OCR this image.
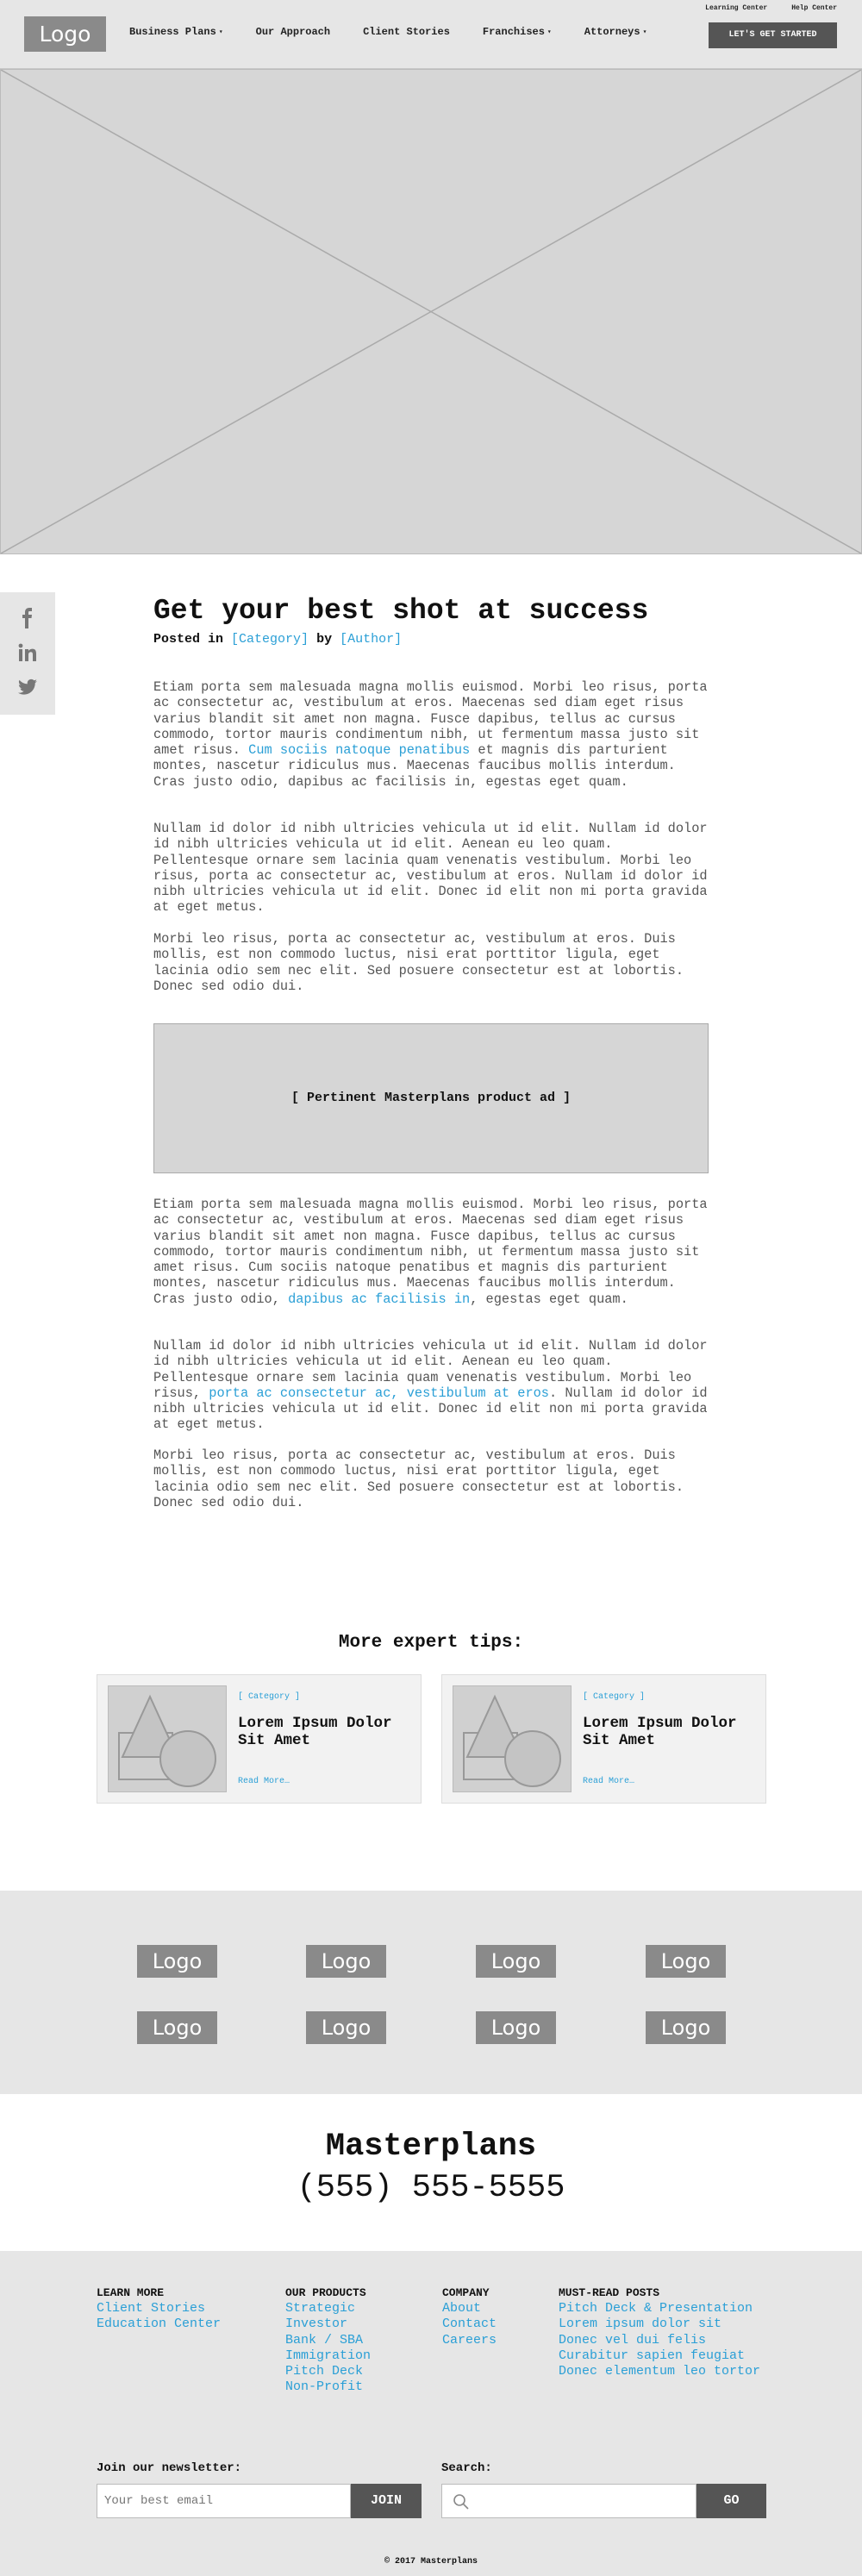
Logo	Business Plans ▾	Our Approach	Client Stories	Franchises ▾	Attorneys ▾
Learning Center	Help Center
LET'S GET STARTED
Get your best shot at success
Posted in [Category] by [Author]

Etiam porta sem malesuada magna mollis euismod. Morbi leo risus, porta ac consectetur ac, vestibulum at eros. Maecenas sed diam eget risus varius blandit sit amet non magna. Fusce dapibus, tellus ac cursus commodo, tortor mauris condimentum nibh, ut fermentum massa justo sit amet risus. Cum sociis natoque penatibus et magnis dis parturient montes, nascetur ridiculus mus. Maecenas faucibus mollis interdum. Cras justo odio, dapibus ac facilisis in, egestas eget quam.

Nullam id dolor id nibh ultricies vehicula ut id elit. Nullam id dolor id nibh ultricies vehicula ut id elit. Aenean eu leo quam. Pellentesque ornare sem lacinia quam venenatis vestibulum. Morbi leo risus, porta ac consectetur ac, vestibulum at eros. Nullam id dolor id nibh ultricies vehicula ut id elit. Donec id elit non mi porta gravida at eget metus.

Morbi leo risus, porta ac consectetur ac, vestibulum at eros. Duis mollis, est non commodo luctus, nisi erat porttitor ligula, eget lacinia odio sem nec elit. Sed posuere consectetur est at lobortis. Donec sed odio dui.

Etiam porta sem malesuada magna mollis euismod. Morbi leo risus, porta ac consectetur ac, vestibulum at eros. Maecenas sed diam eget risus varius blandit sit amet non magna. Fusce dapibus, tellus ac cursus commodo, tortor mauris condimentum nibh, ut fermentum massa justo sit amet risus. Cum sociis natoque penatibus et magnis dis parturient montes, nascetur ridiculus mus. Maecenas faucibus mollis interdum. Cras justo odio, dapibus ac facilisis in, egestas eget quam.

Nullam id dolor id nibh ultricies vehicula ut id elit. Nullam id dolor id nibh ultricies vehicula ut id elit. Aenean eu leo quam. Pellentesque ornare sem lacinia quam venenatis vestibulum. Morbi leo risus, porta ac consectetur ac, vestibulum at eros. Nullam id dolor id nibh ultricies vehicula ut id elit. Donec id elit non mi porta gravida at eget metus.

Morbi leo risus, porta ac consectetur ac, vestibulum at eros. Duis mollis, est non commodo luctus, nisi erat porttitor ligula, eget lacinia odio sem nec elit. Sed posuere consectetur est at lobortis. Donec sed odio dui.

[ Pertinent Masterplans product ad ]
More expert tips:
[ Category ]
Lorem Ipsum Dolor Sit Amet
Read More…
[ Category ]
Lorem Ipsum Dolor Sit Amet
Read More…
Logo	Logo	Logo	Logo
Logo	Logo	Logo	Logo
Masterplans
(555) 555-5555
LEARN MORE
Client Stories
Education Center
OUR PRODUCTS
Strategic
Investor
Bank / SBA
Immigration
Pitch Deck
Non-Profit
COMPANY
About
Contact
Careers
MUST-READ POSTS
Pitch Deck & Presentation
Lorem ipsum dolor sit
Donec vel dui felis
Curabitur sapien feugiat
Donec elementum leo tortor
Join our newsletter:
Your best email
JOIN
Search:
GO
© 2017 Masterplans
